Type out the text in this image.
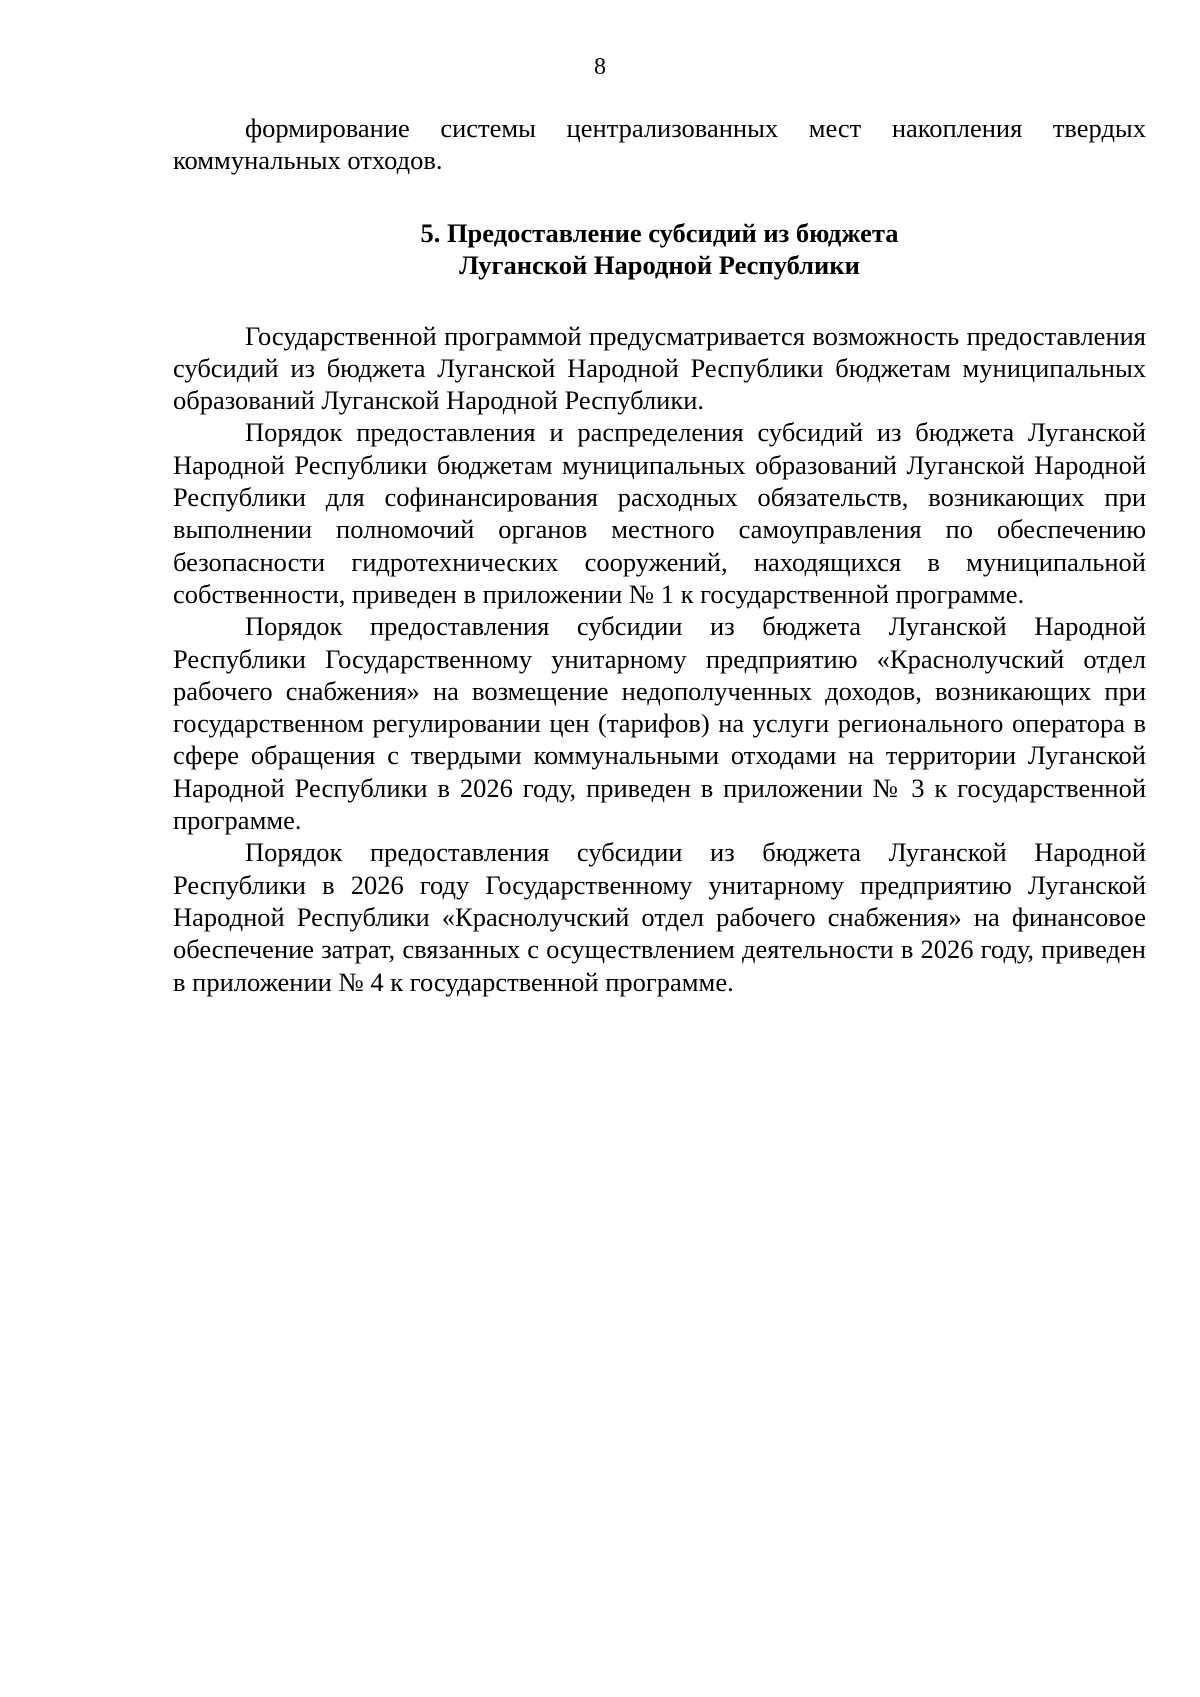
8

формирование системы централизованных мест накопления твердых коммунальных отходов.

5. Предоставление субсидий из бюджета
Луганской Народной Республики

Государственной программой предусматривается возможность предоставления субсидий из бюджета Луганской Народной Республики бюджетам муниципальных образований Луганской Народной Республики.

Порядок предоставления и распределения субсидий из бюджета Луганской Народной Республики бюджетам муниципальных образований Луганской Народной Республики для софинансирования расходных обязательств, возникающих при выполнении полномочий органов местного самоуправления по обеспечению безопасности гидротехнических сооружений, находящихся в муниципальной собственности, приведен в приложении № 1 к государственной программе.

Порядок предоставления субсидии из бюджета Луганской Народной Республики Государственному унитарному предприятию «Краснолучский отдел рабочего снабжения» на возмещение недополученных доходов, возникающих при государственном регулировании цен (тарифов) на услуги регионального оператора в сфере обращения с твердыми коммунальными отходами на территории Луганской Народной Республики в 2026 году, приведен в приложении № 3 к государственной программе.

Порядок предоставления субсидии из бюджета Луганской Народной Республики в 2026 году Государственному унитарному предприятию Луганской Народной Республики «Краснолучский отдел рабочего снабжения» на финансовое обеспечение затрат, связанных с осуществлением деятельности в 2026 году, приведен в приложении № 4 к государственной программе.
